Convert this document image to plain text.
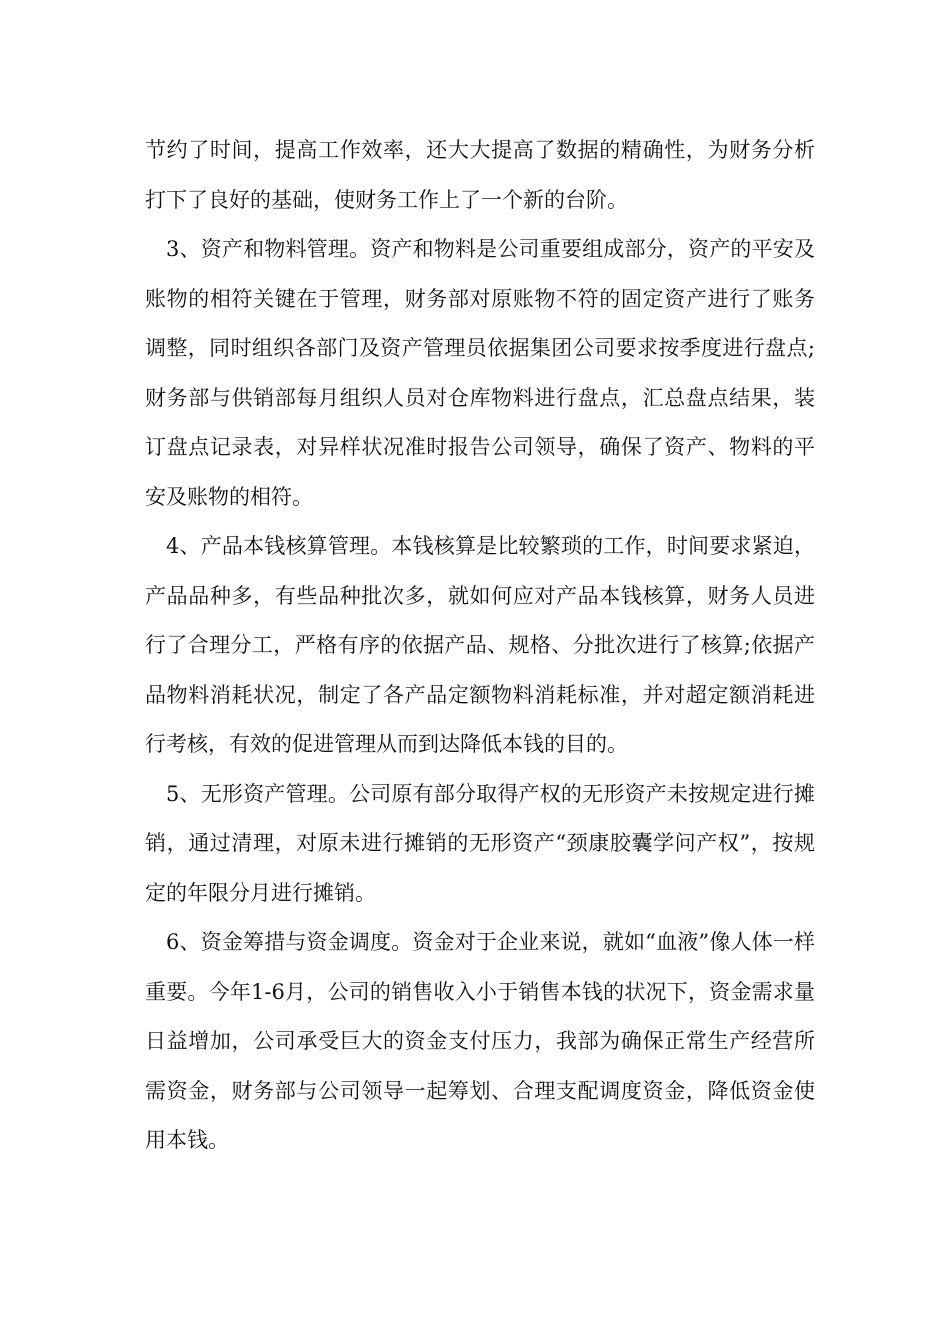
节约了时间，提高工作效率，还大大提高了数据的精确性，为财务分析打下了良好的基础，使财务工作上了一个新的台阶。

3、资产和物料管理。资产和物料是公司重要组成部分，资产的平安及账物的相符关键在于管理，财务部对原账物不符的固定资产进行了账务调整，同时组织各部门及资产管理员依据集团公司要求按季度进行盘点;财务部与供销部每月组织人员对仓库物料进行盘点，汇总盘点结果，装订盘点记录表，对异样状况准时报告公司领导，确保了资产、物料的平安及账物的相符。

4、产品本钱核算管理。本钱核算是比较繁琐的工作，时间要求紧迫，产品品种多，有些品种批次多，就如何应对产品本钱核算，财务人员进行了合理分工，严格有序的依据产品、规格、分批次进行了核算;依据产品物料消耗状况，制定了各产品定额物料消耗标准，并对超定额消耗进行考核，有效的促进管理从而到达降低本钱的目的。

5、无形资产管理。公司原有部分取得产权的无形资产未按规定进行摊销，通过清理，对原未进行摊销的无形资产“颈康胶囊学问产权”，按规定的年限分月进行摊销。

6、资金筹措与资金调度。资金对于企业来说，就如“血液”像人体一样重要。今年1-6月，公司的销售收入小于销售本钱的状况下，资金需求量日益增加，公司承受巨大的资金支付压力，我部为确保正常生产经营所需资金，财务部与公司领导一起筹划、合理支配调度资金，降低资金使用本钱。
